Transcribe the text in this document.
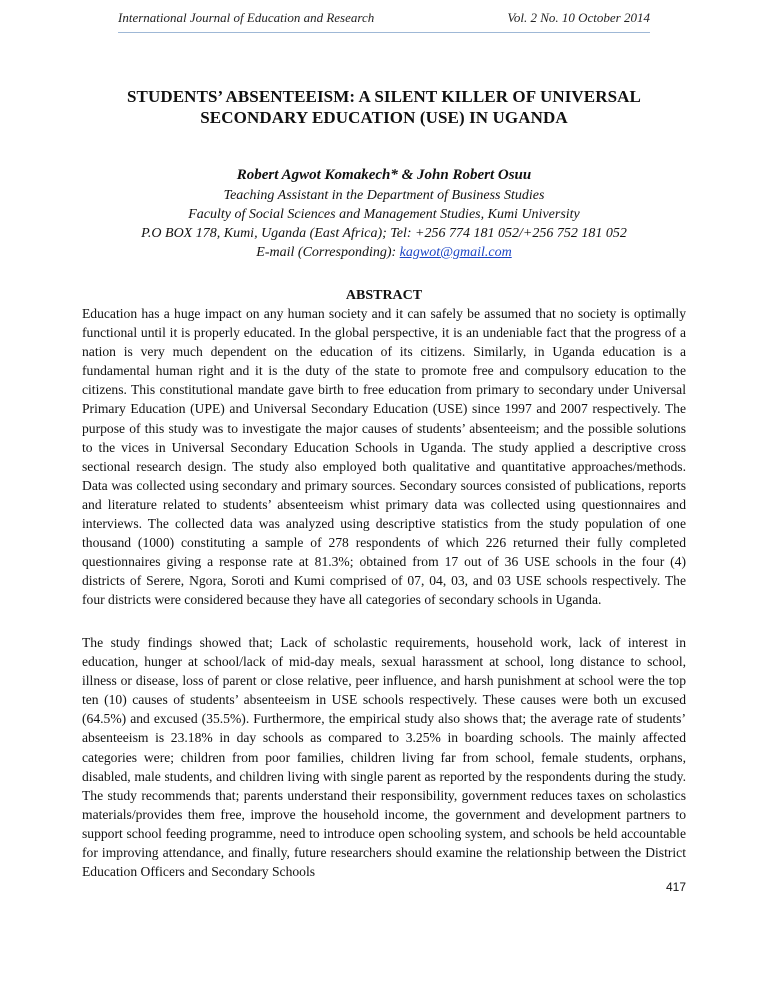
International Journal of Education and Research	Vol. 2 No. 10 October 2014
STUDENTS’ ABSENTEEISM: A SILENT KILLER OF UNIVERSAL
SECONDARY EDUCATION (USE) IN UGANDA
Robert Agwot Komakech* & John Robert Osuu
Teaching Assistant in the Department of Business Studies
Faculty of Social Sciences and Management Studies, Kumi University
P.O BOX 178, Kumi, Uganda (East Africa); Tel: +256 774 181 052/+256 752 181 052
E-mail (Corresponding): kagwot@gmail.com
ABSTRACT

Education has a huge impact on any human society and it can safely be assumed that no society is optimally functional until it is properly educated. In the global perspective, it is an undeniable fact that the progress of a nation is very much dependent on the education of its citizens. Similarly, in Uganda education is a fundamental human right and it is the duty of the state to promote free and compulsory education to the citizens. This constitutional mandate gave birth to free education from primary to secondary under Universal Primary Education (UPE) and Universal Secondary Education (USE) since 1997 and 2007 respectively. The purpose of this study was to investigate the major causes of students’ absenteeism; and the possible solutions to the vices in Universal Secondary Education Schools in Uganda. The study applied a descriptive cross sectional research design. The study also employed both qualitative and quantitative approaches/methods. Data was collected using secondary and primary sources. Secondary sources consisted of publications, reports and literature related to students’ absenteeism whist primary data was collected using questionnaires and interviews. The collected data was analyzed using descriptive statistics from the study population of one thousand (1000) constituting a sample of 278 respondents of which 226 returned their fully completed questionnaires giving a response rate at 81.3%; obtained from 17 out of 36 USE schools in the four (4) districts of Serere, Ngora, Soroti and Kumi comprised of 07, 04, 03, and 03 USE schools respectively. The four districts were considered because they have all categories of secondary schools in Uganda.

The study findings showed that; Lack of scholastic requirements, household work, lack of interest in education, hunger at school/lack of mid-day meals, sexual harassment at school, long distance to school, illness or disease, loss of parent or close relative, peer influence, and harsh punishment at school were the top ten (10) causes of students’ absenteeism in USE schools respectively. These causes were both un excused (64.5%) and excused (35.5%). Furthermore, the empirical study also shows that; the average rate of students’ absenteeism is 23.18% in day schools as compared to 3.25% in boarding schools. The mainly affected categories were; children from poor families, children living far from school, female students, orphans, disabled, male students, and children living with single parent as reported by the respondents during the study. The study recommends that; parents understand their responsibility, government reduces taxes on scholastics materials/provides them free, improve the household income, the government and development partners to support school feeding programme, need to introduce open schooling system, and schools be held accountable for improving attendance, and finally, future researchers should examine the relationship between the District Education Officers and Secondary Schools

417
